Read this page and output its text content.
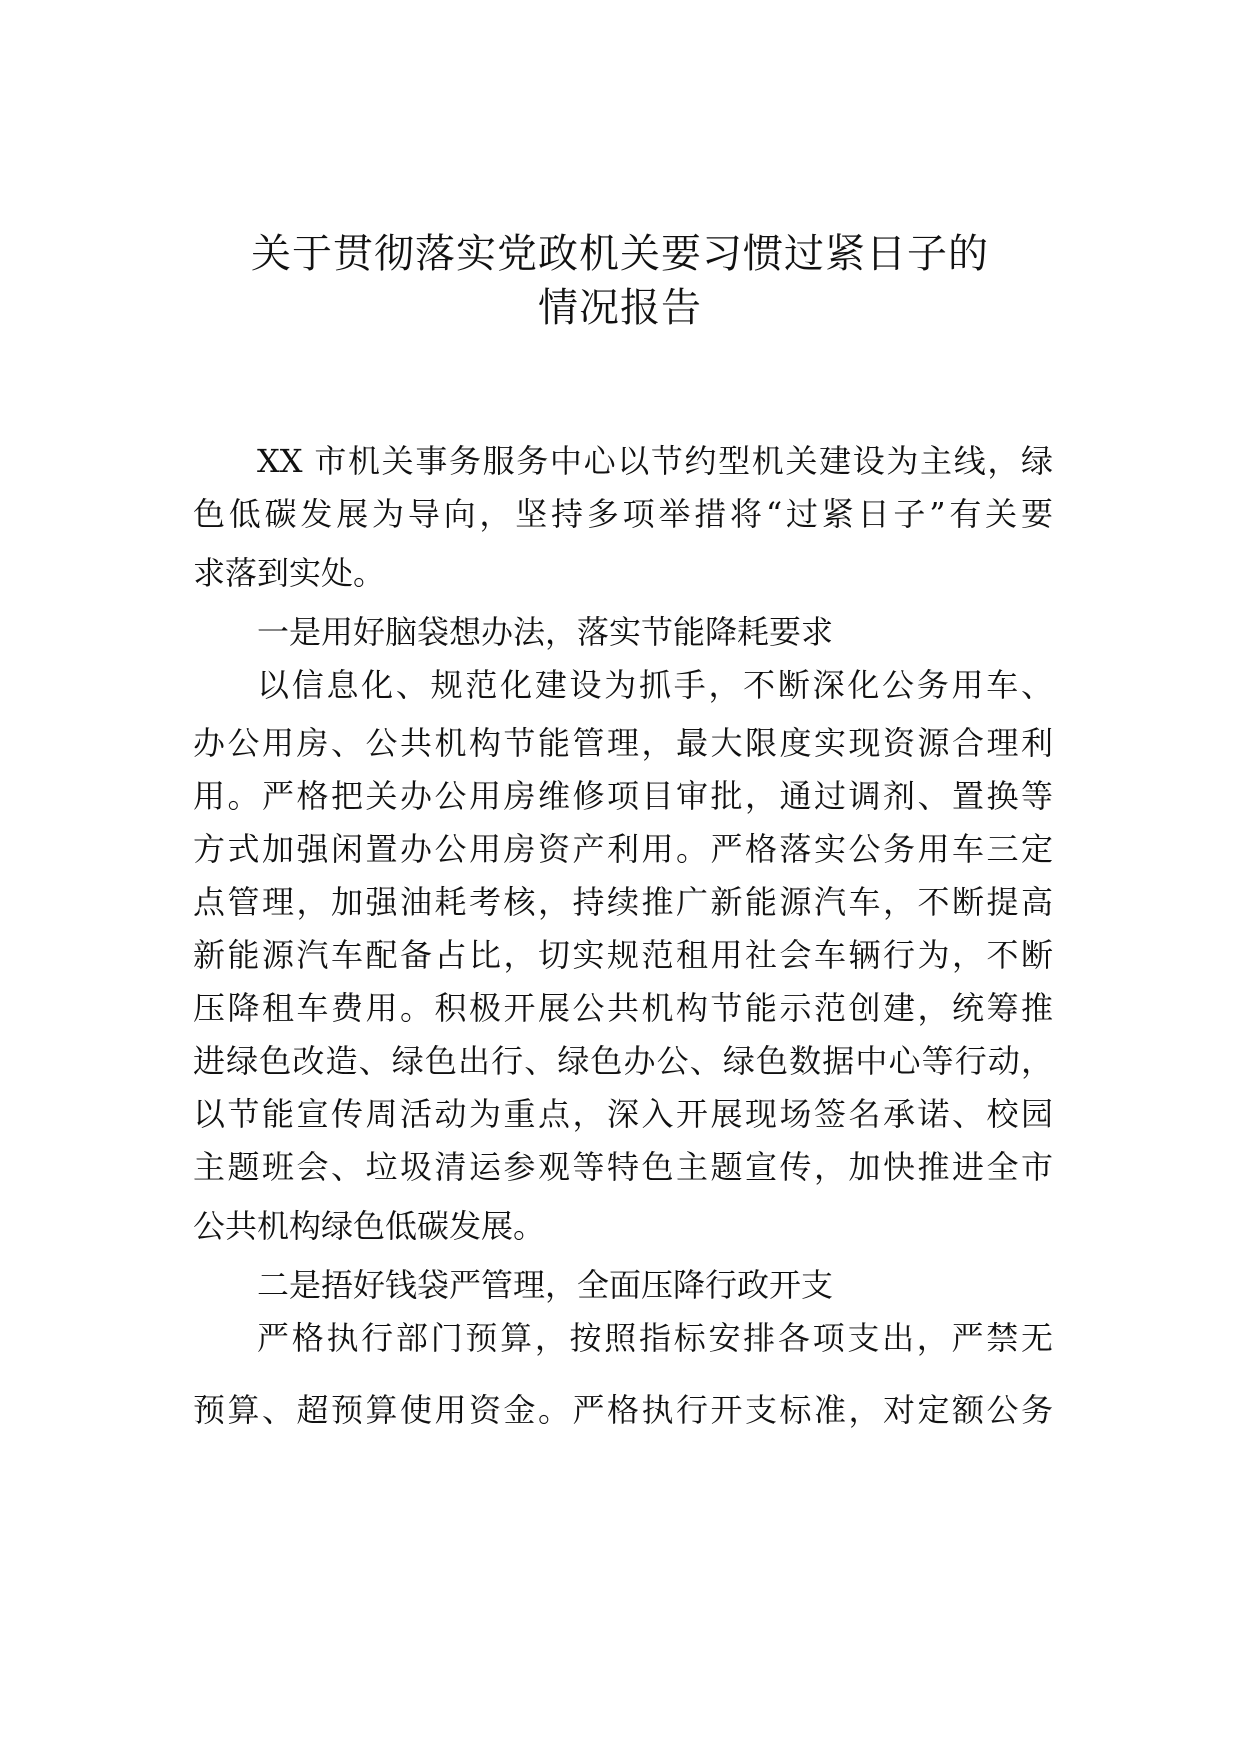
关于贯彻落实党政机关要习惯过紧日子的
情况报告

XX 市机关事务服务中心以节约型机关建设为主线，绿

色低碳发展为导向，坚持多项举措将“过紧日子”有关要

求落到实处。

一是用好脑袋想办法，落实节能降耗要求

以信息化、规范化建设为抓手，不断深化公务用车、

办公用房、公共机构节能管理，最大限度实现资源合理利

用。严格把关办公用房维修项目审批，通过调剂、置换等

方式加强闲置办公用房资产利用。严格落实公务用车三定

点管理，加强油耗考核，持续推广新能源汽车，不断提高

新能源汽车配备占比，切实规范租用社会车辆行为，不断

压降租车费用。积极开展公共机构节能示范创建，统筹推

进绿色改造、绿色出行、绿色办公、绿色数据中心等行动，

以节能宣传周活动为重点，深入开展现场签名承诺、校园

主题班会、垃圾清运参观等特色主题宣传，加快推进全市

公共机构绿色低碳发展。

二是捂好钱袋严管理，全面压降行政开支

严格执行部门预算，按照指标安排各项支出，严禁无

预算、超预算使用资金。严格执行开支标准，对定额公务
